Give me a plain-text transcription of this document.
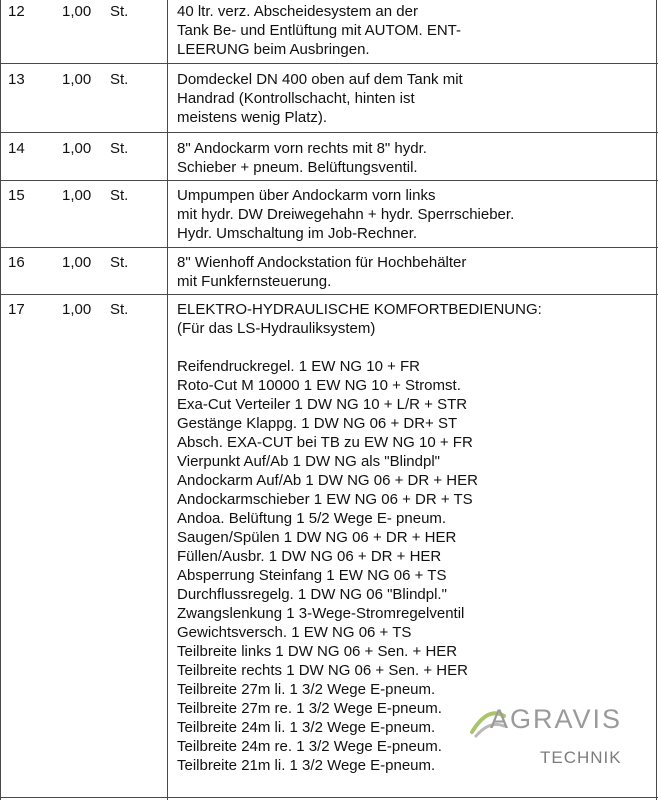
12 1,00 St.	40 ltr. verz. Abscheidesystem an der
Tank Be- und Entlüftung mit AUTOM. ENT-
LEERUNG beim Ausbringen.
13 1,00 St.	Domdeckel DN 400 oben auf dem Tank mit
Handrad (Kontrollschacht, hinten ist
meistens wenig Platz).
14 1,00 St.	8" Andockarm vorn rechts mit 8" hydr.
Schieber + pneum. Belüftungsventil.
15 1,00 St.	Umpumpen über Andockarm vorn links
mit hydr. DW Dreiwegehahn + hydr. Sperrschieber.
Hydr. Umschaltung im Job-Rechner.
16 1,00 St.	8" Wienhoff Andockstation für Hochbehälter
mit Funkfernsteuerung.
17 1,00 St.	ELEKTRO-HYDRAULISCHE KOMFORTBEDIENUNG:
(Für das LS-Hydrauliksystem)
Reifendruckregel. 1 EW NG 10 + FR
Roto-Cut M 10000 1 EW NG 10 + Stromst.
Exa-Cut Verteiler 1 DW NG 10 + L/R + STR
Gestänge Klappg. 1 DW NG 06 + DR+ ST
Absch. EXA-CUT bei TB zu EW NG 10 + FR
Vierpunkt Auf/Ab 1 DW NG als "Blindpl"
Andockarm Auf/Ab 1 DW NG 06 + DR + HER
Andockarmschieber 1 EW NG 06 + DR + TS
Andoa. Belüftung 1 5/2 Wege E- pneum.
Saugen/Spülen 1 DW NG 06 + DR + HER
Füllen/Ausbr. 1 DW NG 06 + DR + HER
Absperrung Steinfang 1 EW NG 06 + TS
Durchflussregelg. 1 DW NG 06 "Blindpl."
Zwangslenkung 1 3-Wege-Stromregelventil
Gewichtsversch. 1 EW NG 06 + TS
Teilbreite links 1 DW NG 06 + Sen. + HER
Teilbreite rechts 1 DW NG 06 + Sen. + HER
Teilbreite 27m li. 1 3/2 Wege E-pneum.
Teilbreite 27m re. 1 3/2 Wege E-pneum.
Teilbreite 24m li. 1 3/2 Wege E-pneum.
Teilbreite 24m re. 1 3/2 Wege E-pneum.
Teilbreite 21m li. 1 3/2 Wege E-pneum.
AGRAVIS
TECHNIK
